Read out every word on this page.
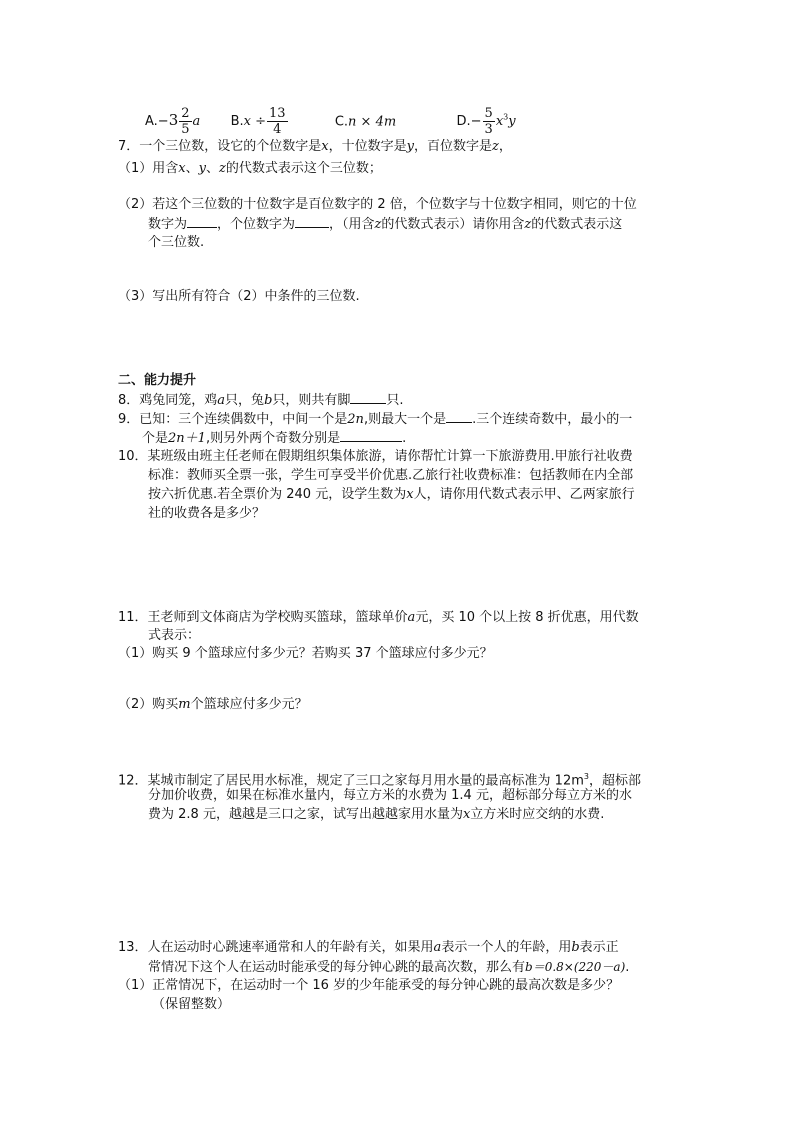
$A.-3 \frac{2}{5}$ a $B.x \div \frac{13}{4}$	C.n × 4m	$D.- \frac{5}{3} x^3y$
7．一个三位数，设它的个位数字是x，十位数字是y，百位数字是z，
（1）用含x、y、z的代数式表示这个三位数；
（2）若这个三位数的十位数字是百位数字的 2 倍，个位数字与十位数字相同，则它的十位
数字为 ，个位数字为	，（用含z的代数式表示）请你用含z的代数式表示这
个三位数.
（3）写出所有符合（2）中条件的三位数.
二、能力提升
8．鸡兔同笼，鸡a只，兔b只，则共有脚	只.
9．已知：三个连续偶数中，中间一个是2n,则最大一个是 .三个连续奇数中，最小的一
个是2n＋1,则另外两个奇数分别是	.
10．某班级由班主任老师在假期组织集体旅游，请你帮忙计算一下旅游费用.甲旅行社收费
标准：教师买全票一张，学生可享受半价优惠.乙旅行社收费标准：包括教师在内全部
按六折优惠.若全票价为 240 元，设学生数为x人，请你用代数式表示甲、乙两家旅行
社的收费各是多少？
11．王老师到文体商店为学校购买篮球，篮球单价a元，买 10 个以上按 8 折优惠，用代数
式表示：
（1）购买 9 个篮球应付多少元？若购买 37 个篮球应付多少元？
（2）购买m个篮球应付多少元？
12．某城市制定了居民用水标准，规定了三口之家每月用水量的最高标准为 $12m^3$，超标部
分加价收费，如果在标准水量内，每立方米的水费为 1.4 元，超标部分每立方米的水
费为 2.8 元，越越是三口之家，试写出越越家用水量为x立方米时应交纳的水费.
13．人在运动时心跳速率通常和人的年龄有关，如果用a表示一个人的年龄，用b表示正
常情况下这个人在运动时能承受的每分钟心跳的最高次数，那么有b＝0.8×(220－a).
（1）正常情况下，在运动时一个 16 岁的少年能承受的每分钟心跳的最高次数是多少？
（保留整数）
